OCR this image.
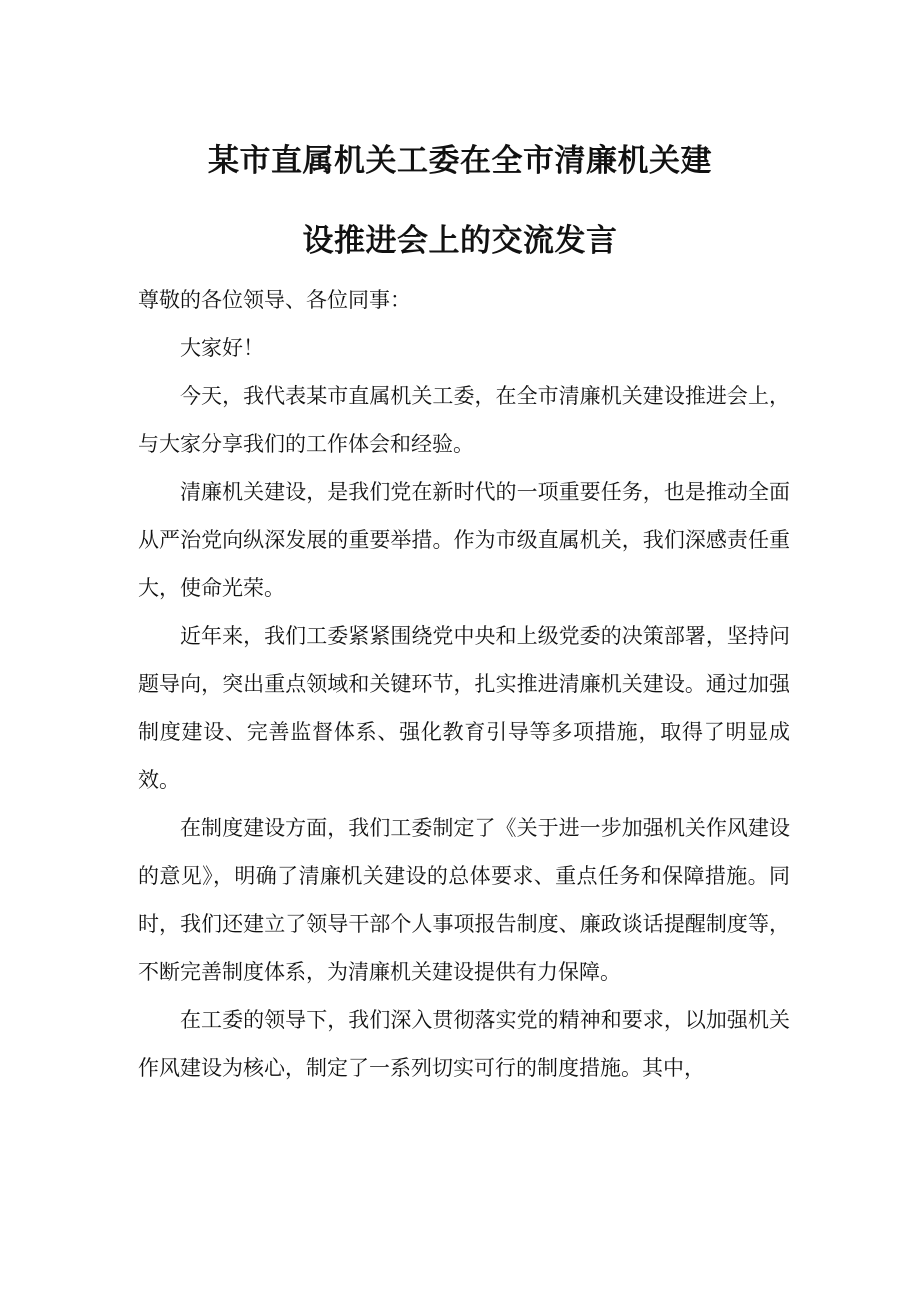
某市直属机关工委在全市清廉机关建
设推进会上的交流发言

尊敬的各位领导、各位同事：

大家好！

今天，我代表某市直属机关工委，在全市清廉机关建设推进会上，与大家分享我们的工作体会和经验。

清廉机关建设，是我们党在新时代的一项重要任务，也是推动全面从严治党向纵深发展的重要举措。作为市级直属机关，我们深感责任重大，使命光荣。

近年来，我们工委紧紧围绕党中央和上级党委的决策部署，坚持问题导向，突出重点领域和关键环节，扎实推进清廉机关建设。通过加强制度建设、完善监督体系、强化教育引导等多项措施，取得了明显成效。

在制度建设方面，我们工委制定了《关于进一步加强机关作风建设的意见》，明确了清廉机关建设的总体要求、重点任务和保障措施。同时，我们还建立了领导干部个人事项报告制度、廉政谈话提醒制度等，不断完善制度体系，为清廉机关建设提供有力保障。

在工委的领导下，我们深入贯彻落实党的精神和要求，以加强机关作风建设为核心，制定了一系列切实可行的制度措施。其中，
